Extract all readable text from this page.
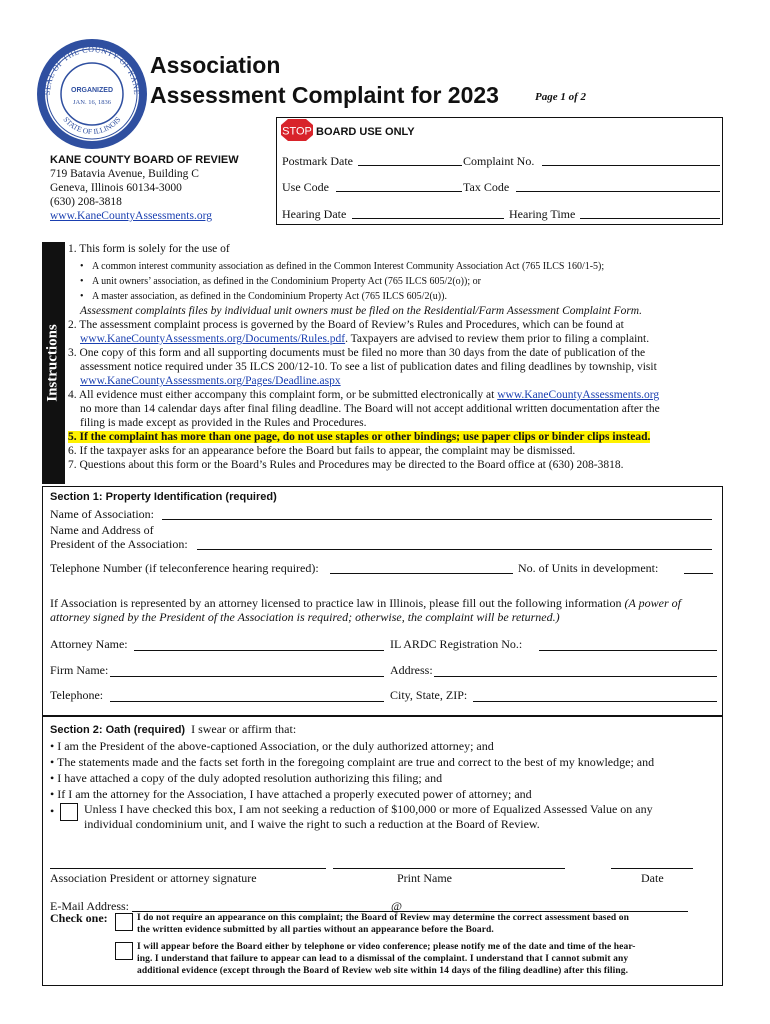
SEAL OF THE COUNTY OF KANE
STATE OF ILLINOIS
ORGANIZED
JAN. 16, 1836
Association
Assessment Complaint for 2023	Page 1 of 2
STOP BOARD USE ONLY
Postmark Date	Complaint No.
Use Code	Tax Code
Hearing Date	Hearing Time
KANE COUNTY BOARD OF REVIEW
719 Batavia Avenue, Building C
Geneva, Illinois 60134-3000
(630) 208-3818
www.KaneCountyAssessments.org
Instructions
1. This form is solely for the use of
• A common interest community association as defined in the Common Interest Community Association Act (765 ILCS 160/1-5);
• A unit owners’ association, as defined in the Condominium Property Act (765 ILCS 605/2(o)); or
• A master association, as defined in the Condominium Property Act (765 ILCS 605/2(u)).
Assessment complaints files by individual unit owners must be filed on the Residential/Farm Assessment Complaint Form.
2. The assessment complaint process is governed by the Board of Review’s Rules and Procedures, which can be found at
www.KaneCountyAssessments.org/Documents/Rules.pdf. Taxpayers are advised to review them prior to filing a complaint.
3. One copy of this form and all supporting documents must be filed no more than 30 days from the date of publication of the
assessment notice required under 35 ILCS 200/12-10. To see a list of publication dates and filing deadlines by township, visit
www.KaneCountyAssessments.org/Pages/Deadline.aspx
4. All evidence must either accompany this complaint form, or be submitted electronically at www.KaneCountyAssessments.org
no more than 14 calendar days after final filing deadline. The Board will not accept additional written documentation after the
filing is made except as provided in the Rules and Procedures.
5. If the complaint has more than one page, do not use staples or other bindings; use paper clips or binder clips instead.
6. If the taxpayer asks for an appearance before the Board but fails to appear, the complaint may be dismissed.
7. Questions about this form or the Board’s Rules and Procedures may be directed to the Board office at (630) 208-3818.
Section 1: Property Identification (required)
Name of Association:
Name and Address of
President of the Association:
Telephone Number (if teleconference hearing required):	No. of Units in development:
If Association is represented by an attorney licensed to practice law in Illinois, please fill out the following information (A power of attorney signed by the President of the Association is required; otherwise, the complaint will be returned.)
Attorney Name:	IL ARDC Registration No.:
Firm Name:	Address:
Telephone:	City, State, ZIP:
Section 2: Oath (required) I swear or affirm that:
• I am the President of the above-captioned Association, or the duly authorized attorney; and
• The statements made and the facts set forth in the foregoing complaint are true and correct to the best of my knowledge; and
• I have attached a copy of the duly adopted resolution authorizing this filing; and
• If I am the attorney for the Association, I have attached a properly executed power of attorney; and
• Unless I have checked this box, I am not seeking a reduction of $100,000 or more of Equalized Assessed Value on any
individual condominium unit, and I waive the right to such a reduction at the Board of Review.
Association President or attorney signature	Print Name	Date
E-Mail Address:	@
Check one:	I do not require an appearance on this complaint; the Board of Review may determine the correct assessment based on
the written evidence submitted by all parties without an appearance before the Board.
I will appear before the Board either by telephone or video conference; please notify me of the date and time of the hear-
ing. I understand that failure to appear can lead to a dismissal of the complaint. I understand that I cannot submit any
additional evidence (except through the Board of Review web site within 14 days of the filing deadline) after this filing.
